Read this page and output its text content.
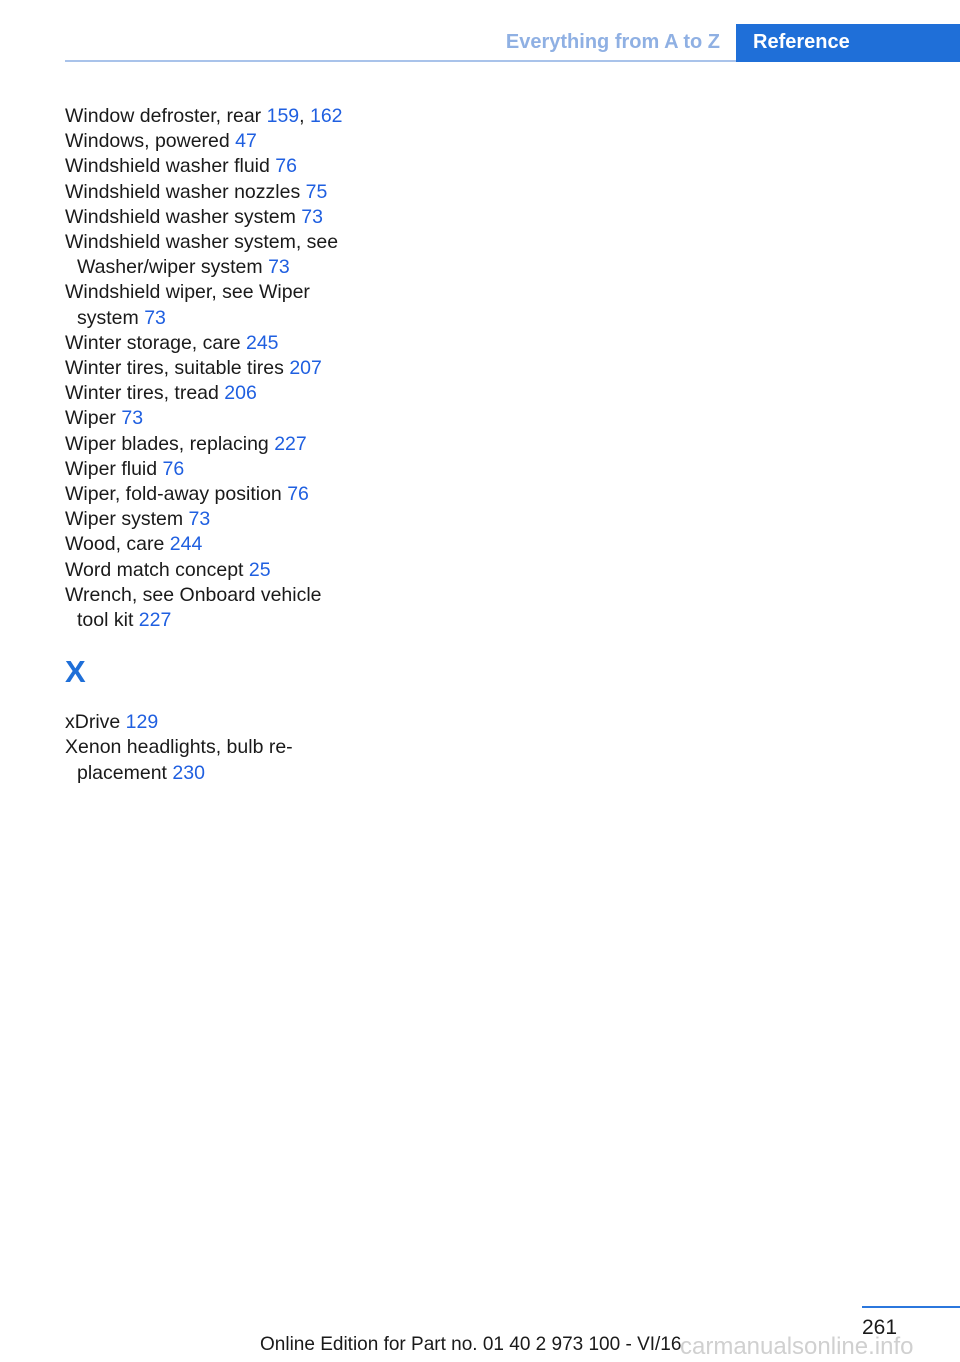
Everything from A to Z	Reference
Window defroster, rear 159, 162
Windows, powered 47
Windshield washer fluid 76
Windshield washer nozzles 75
Windshield washer system 73
Windshield washer system, see Washer/wiper system 73
Windshield wiper, see Wiper system 73
Winter storage, care 245
Winter tires, suitable tires 207
Winter tires, tread 206
Wiper 73
Wiper blades, replacing 227
Wiper fluid 76
Wiper, fold-away position 76
Wiper system 73
Wood, care 244
Word match concept 25
Wrench, see Onboard vehicle tool kit 227
X
xDrive 129
Xenon headlights, bulb replacement 230
261
Online Edition for Part no. 01 40 2 973 100 - VI/16
carmanualsonline.info
